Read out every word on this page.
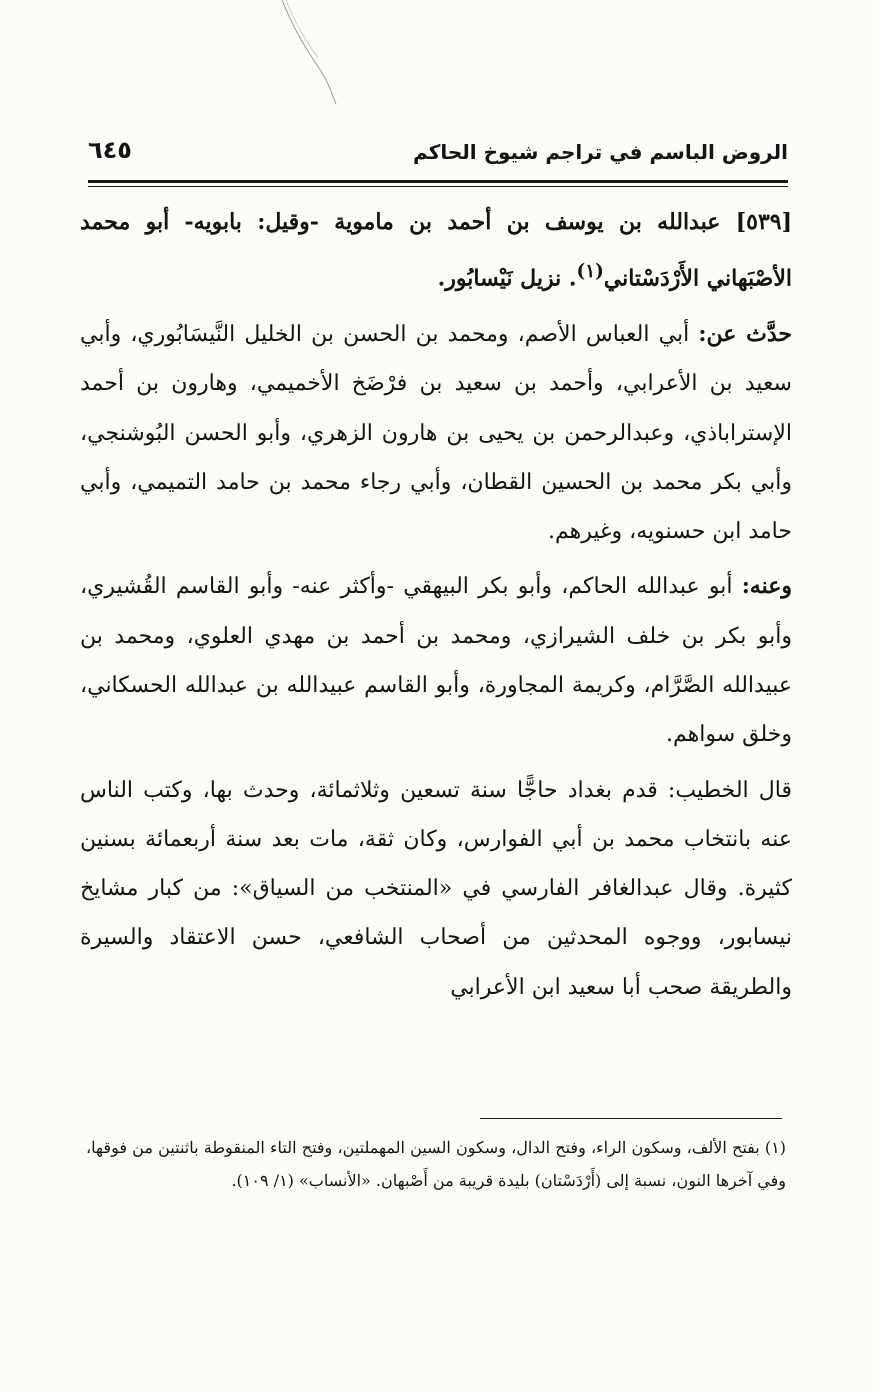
الروض الباسم في تراجم شيوخ الحاكم
٦٤٥

[٥٣٩] عبدالله بن يوسف بن أحمد بن ماموية -وقيل: بابويه- أبو محمد الأصْبَهاني الأَرْدَسْتاني$^{(١)}$. نزيل نَيْسابُور.

حدَّث عن: أبي العباس الأصم، ومحمد بن الحسن بن الخليل النَّيسَابُوري، وأبي سعيد بن الأعرابي، وأحمد بن سعيد بن فرْضَخ الأخميمي، وهارون بن أحمد الإستراباذي، وعبدالرحمن بن يحيى بن هارون الزهري، وأبو الحسن البُوشنجي، وأبي بكر محمد بن الحسين القطان، وأبي رجاء محمد بن حامد التميمي، وأبي حامد ابن حسنويه، وغيرهم.

وعنه: أبو عبدالله الحاكم، وأبو بكر البيهقي -وأكثر عنه- وأبو القاسم القُشيري، وأبو بكر بن خلف الشيرازي، ومحمد بن أحمد بن مهدي العلوي، ومحمد بن عبيدالله الصَّرَّام، وكريمة المجاورة، وأبو القاسم عبيدالله بن عبدالله الحسكاني، وخلق سواهم.

قال الخطيب: قدم بغداد حاجًّا سنة تسعين وثلاثمائة، وحدث بها، وكتب الناس عنه بانتخاب محمد بن أبي الفوارس، وكان ثقة، مات بعد سنة أربعمائة بسنين كثيرة. وقال عبدالغافر الفارسي في «المنتخب من السياق»: من كبار مشايخ نيسابور، ووجوه المحدثين من أصحاب الشافعي، حسن الاعتقاد والسيرة والطريقة صحب أبا سعيد ابن الأعرابي

(١) بفتح الألف، وسكون الراء، وفتح الدال، وسكون السين المهملتين، وفتح التاء المنقوطة باثنتين من فوقها، وفي آخرها النون، نسبة إلى (أَرْدَسْتان) بليدة قريبة من أَصْبهان. «الأنساب» (١/ ١٠٩).
